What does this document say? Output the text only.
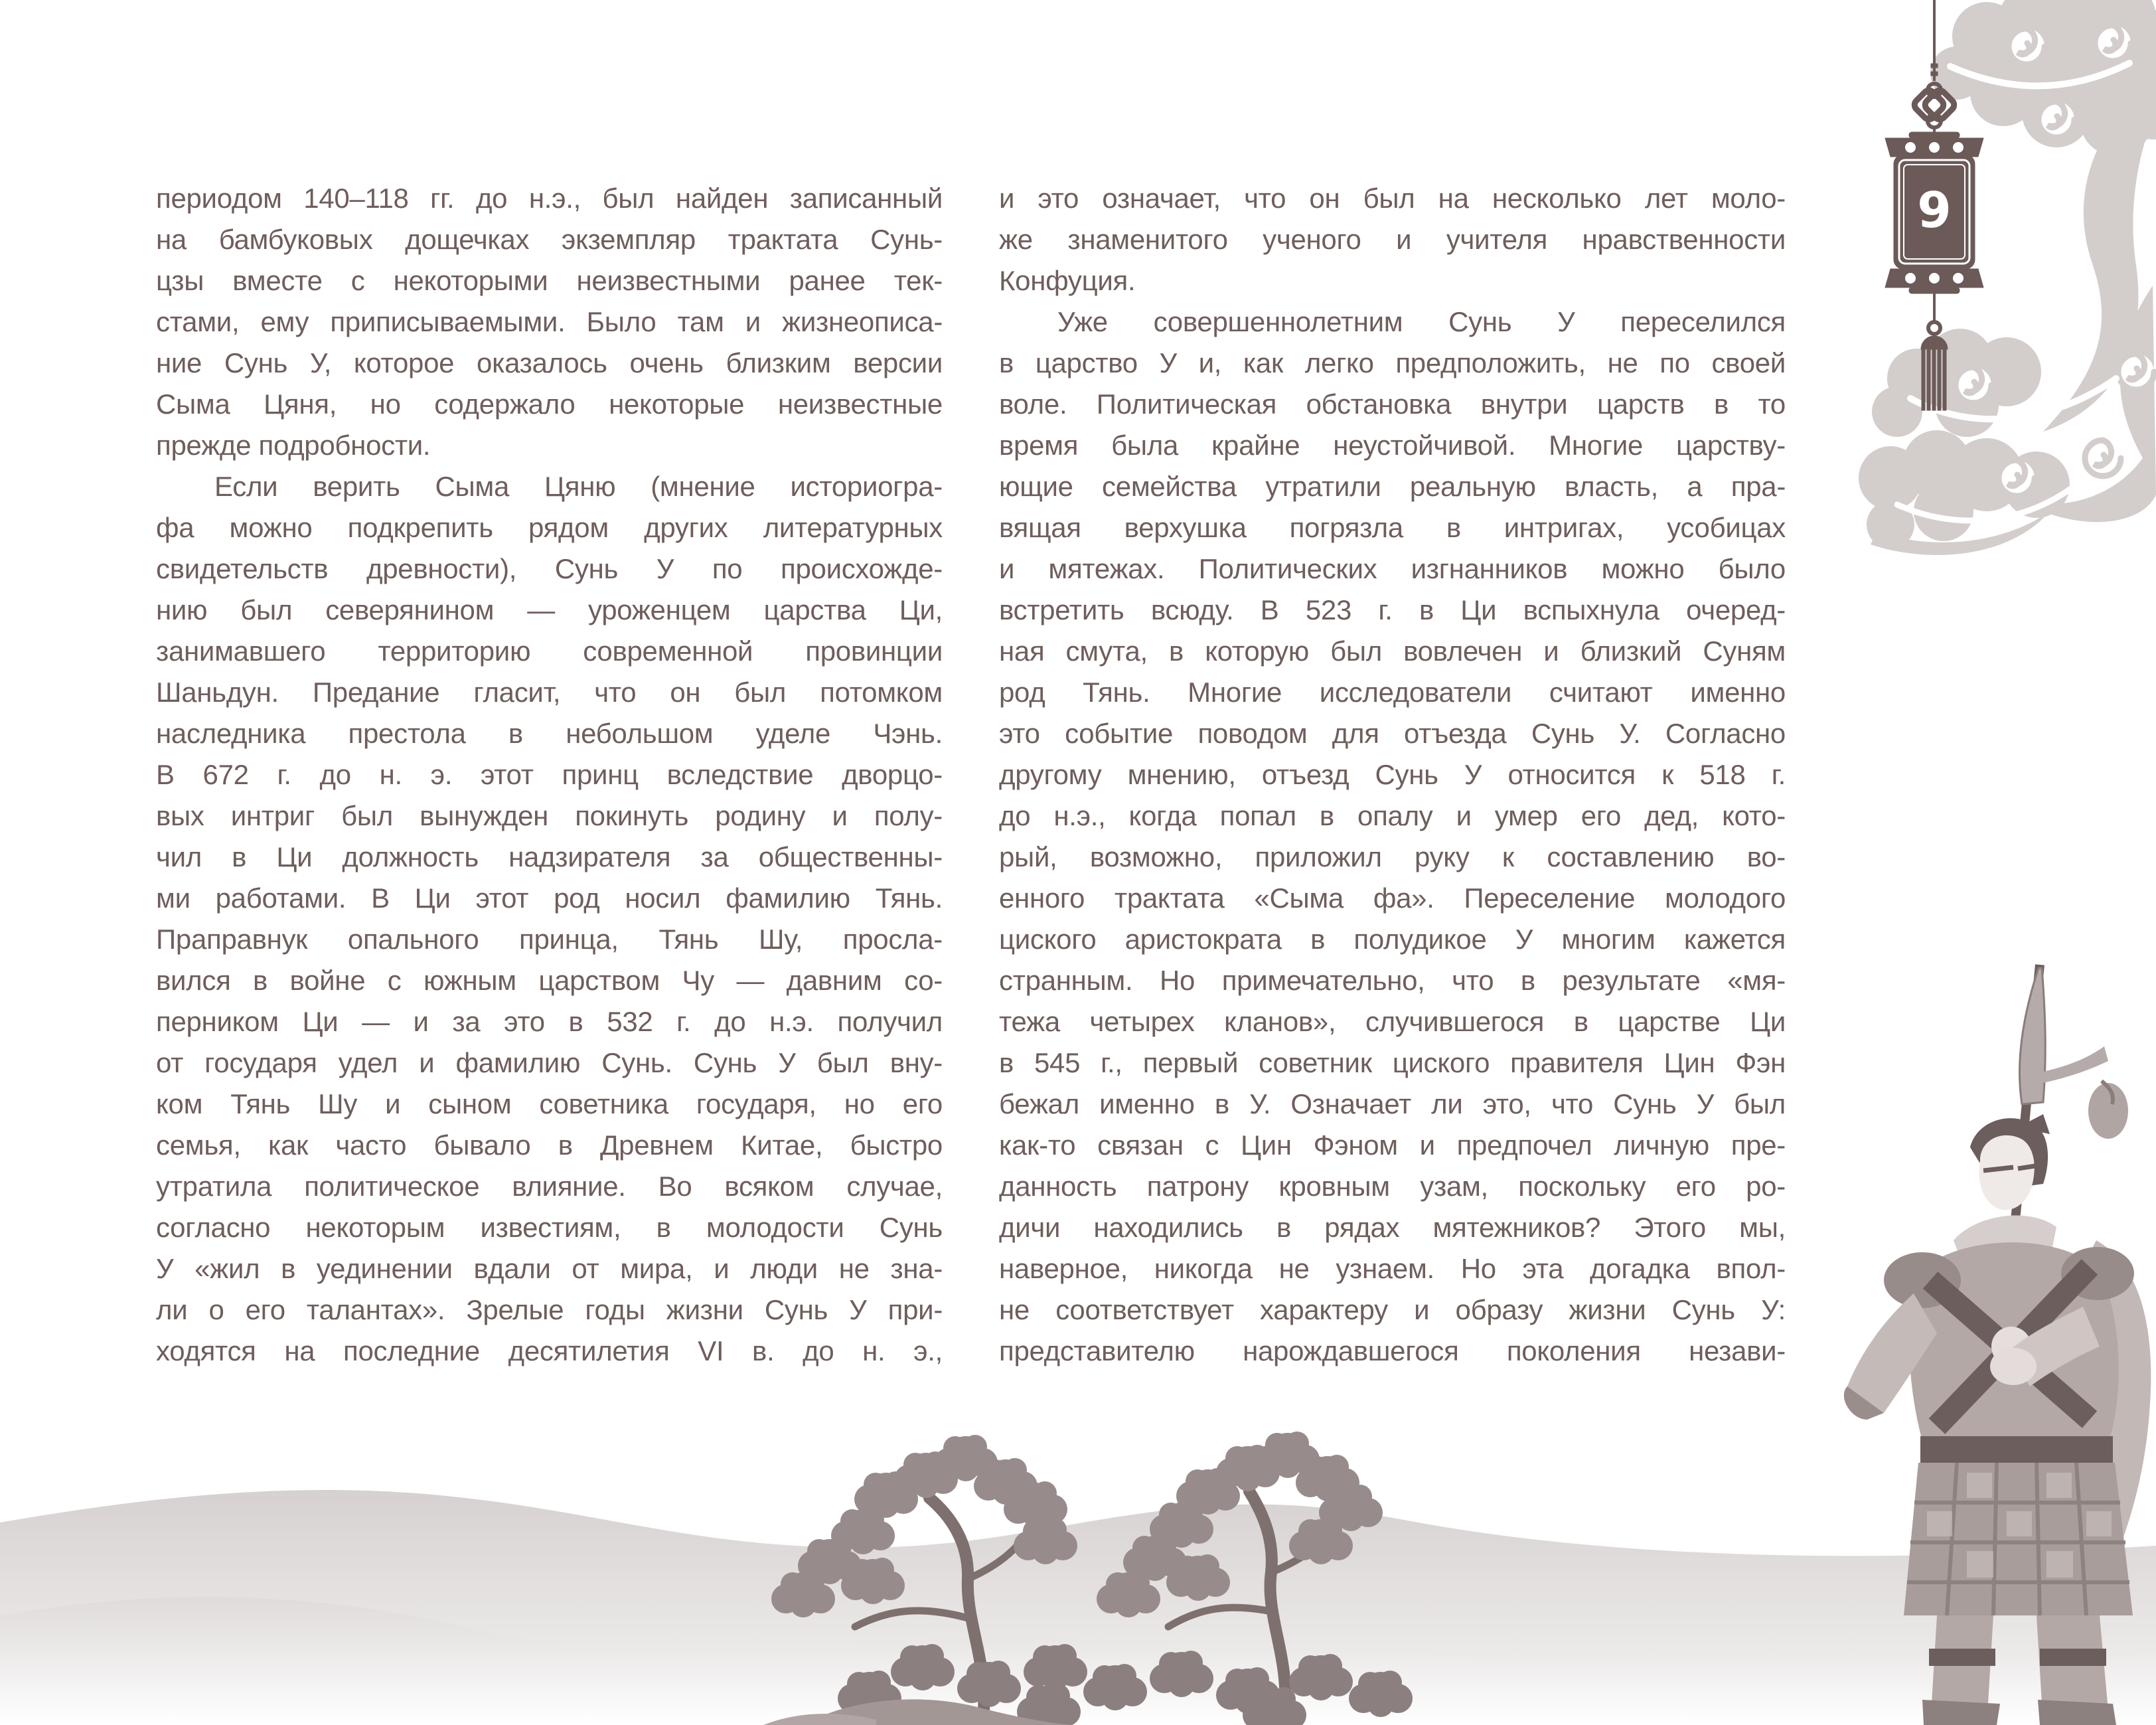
9
периодом 140–118 гг. до н.э., был найден записанный
на бамбуковых дощечках экземпляр трактата Сунь-
цзы вместе с некоторыми неизвестными ранее тек-
стами, ему приписываемыми. Было там и жизнеописа-
ние Сунь У, которое оказалось очень близким версии
Сыма Цяня, но содержало некоторые неизвестные
прежде подробности.
Если верить Сыма Цяню (мнение историогра-
фа можно подкрепить рядом других литературных
свидетельств древности), Сунь У по происхожде-
нию был северянином — уроженцем царства Ци,
занимавшего территорию современной провинции
Шаньдун. Предание гласит, что он был потомком
наследника престола в небольшом уделе Чэнь.
В 672 г. до н. э. этот принц вследствие дворцо-
вых интриг был вынужден покинуть родину и полу-
чил в Ци должность надзирателя за общественны-
ми работами. В Ци этот род носил фамилию Тянь.
Праправнук опального принца, Тянь Шу, просла-
вился в войне с южным царством Чу — давним со-
перником Ци — и за это в 532 г. до н.э. получил
от государя удел и фамилию Сунь. Сунь У был вну-
ком Тянь Шу и сыном советника государя, но его
семья, как часто бывало в Древнем Китае, быстро
утратила политическое влияние. Во всяком случае,
согласно некоторым известиям, в молодости Сунь
У «жил в уединении вдали от мира, и люди не зна-
ли о его талантах». Зрелые годы жизни Сунь У при-
ходятся на последние десятилетия VI в. до н. э.,
и это означает, что он был на несколько лет моло-
же знаменитого ученого и учителя нравственности
Конфуция.
Уже совершеннолетним Сунь У переселился
в царство У и, как легко предположить, не по своей
воле. Политическая обстановка внутри царств в то
время была крайне неустойчивой. Многие царству-
ющие семейства утратили реальную власть, а пра-
вящая верхушка погрязла в интригах, усобицах
и мятежах. Политических изгнанников можно было
встретить всюду. В 523 г. в Ци вспыхнула очеред-
ная смута, в которую был вовлечен и близкий Суням
род Тянь. Многие исследователи считают именно
это событие поводом для отъезда Сунь У. Согласно
другому мнению, отъезд Сунь У относится к 518 г.
до н.э., когда попал в опалу и умер его дед, кото-
рый, возможно, приложил руку к составлению во-
енного трактата «Сыма фа». Переселение молодого
циского аристократа в полудикое У многим кажется
странным. Но примечательно, что в результате «мя-
тежа четырех кланов», случившегося в царстве Ци
в 545 г., первый советник циского правителя Цин Фэн
бежал именно в У. Означает ли это, что Сунь У был
как-то связан с Цин Фэном и предпочел личную пре-
данность патрону кровным узам, поскольку его ро-
дичи находились в рядах мятежников? Этого мы,
наверное, никогда не узнаем. Но эта догадка впол-
не соответствует характеру и образу жизни Сунь У:
представителю нарождавшегося поколения незави-
